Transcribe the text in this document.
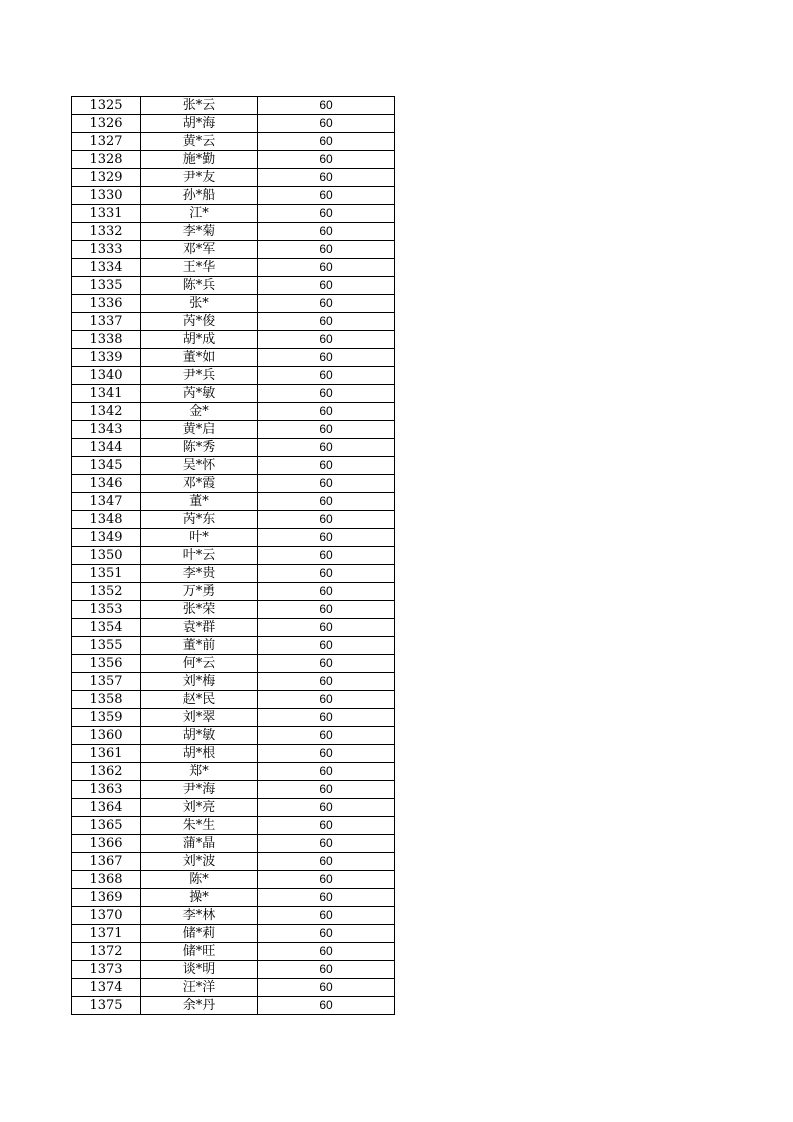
1325	张*云	60
1326	胡*海	60
1327	黄*云	60
1328	施*勤	60
1329	尹*友	60
1330	孙*船	60
1331	江*	60
1332	李*菊	60
1333	邓*军	60
1334	王*华	60
1335	陈*兵	60
1336	张*	60
1337	芮*俊	60
1338	胡*成	60
1339	董*如	60
1340	尹*兵	60
1341	芮*敏	60
1342	金*	60
1343	黄*启	60
1344	陈*秀	60
1345	吴*怀	60
1346	邓*霞	60
1347	董*	60
1348	芮*东	60
1349	叶*	60
1350	叶*云	60
1351	李*贵	60
1352	万*勇	60
1353	张*荣	60
1354	袁*群	60
1355	董*前	60
1356	何*云	60
1357	刘*梅	60
1358	赵*民	60
1359	刘*翠	60
1360	胡*敏	60
1361	胡*根	60
1362	郑*	60
1363	尹*海	60
1364	刘*亮	60
1365	朱*生	60
1366	蒲*晶	60
1367	刘*波	60
1368	陈*	60
1369	操*	60
1370	李*林	60
1371	储*莉	60
1372	储*旺	60
1373	谈*明	60
1374	汪*洋	60
1375	余*丹	60
